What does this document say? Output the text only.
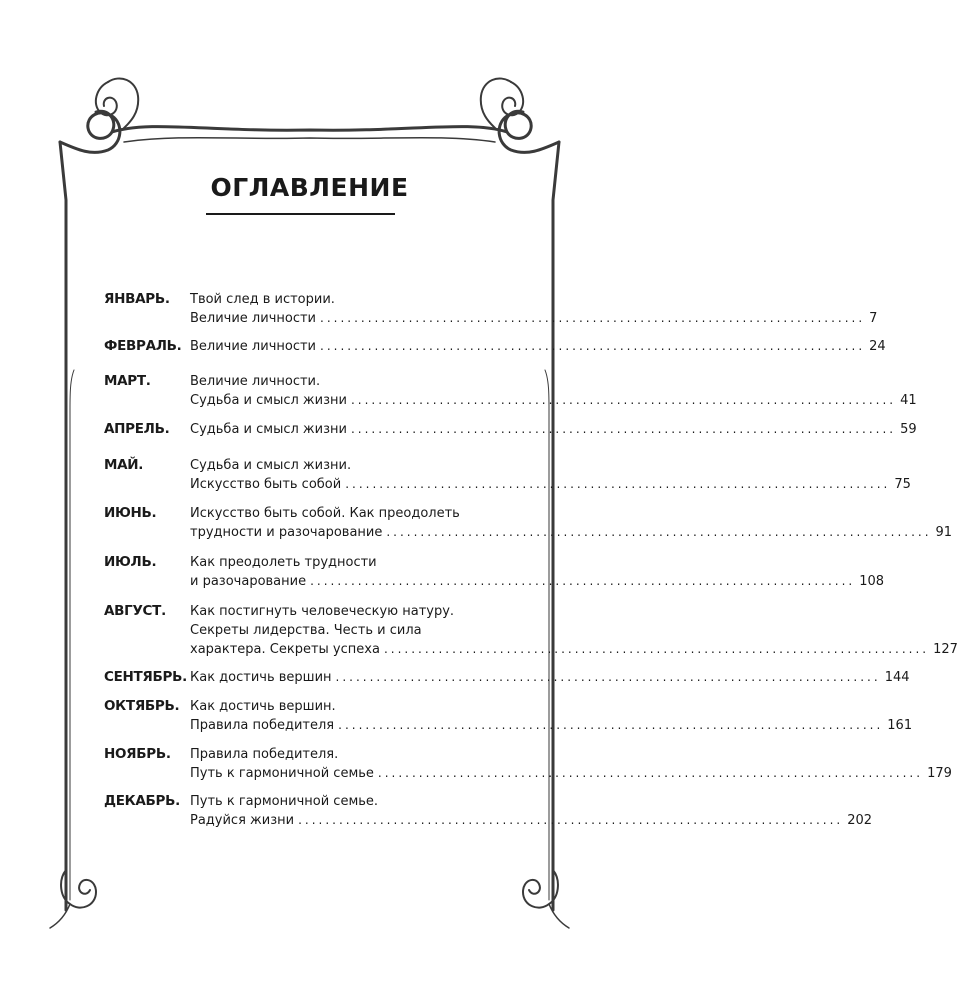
ОГЛАВЛЕНИЕ
ЯНВАРЬ. Твой след в истории.
Величие личности ................................................................................ 7
ФЕВРАЛЬ. Величие личности ................................................................................ 24
МАРТ.	Величие личности.
Судьба и смысл жизни ................................................................................ 41
АПРЕЛЬ. Судьба и смысл жизни ................................................................................ 59
МАЙ.	Судьба и смысл жизни.
Искусство быть собой ................................................................................ 75
ИЮНЬ.	Искусство быть собой. Как преодолеть
трудности и разочарование ................................................................................ 91
ИЮЛЬ.	Как преодолеть трудности
и разочарование ................................................................................ 108
АВГУСТ. Как постигнуть человеческую натуру.
Секреты лидерства. Честь и сила
характера. Секреты успеха ................................................................................ 127
СЕНТЯБРЬ. Как достичь вершин ................................................................................ 144
ОКТЯБРЬ. Как достичь вершин.
Правила победителя ................................................................................ 161
НОЯБРЬ. Правила победителя.
Путь к гармоничной семье ................................................................................ 179
ДЕКАБРЬ. Путь к гармоничной семье.
Радуйся жизни ................................................................................ 202
